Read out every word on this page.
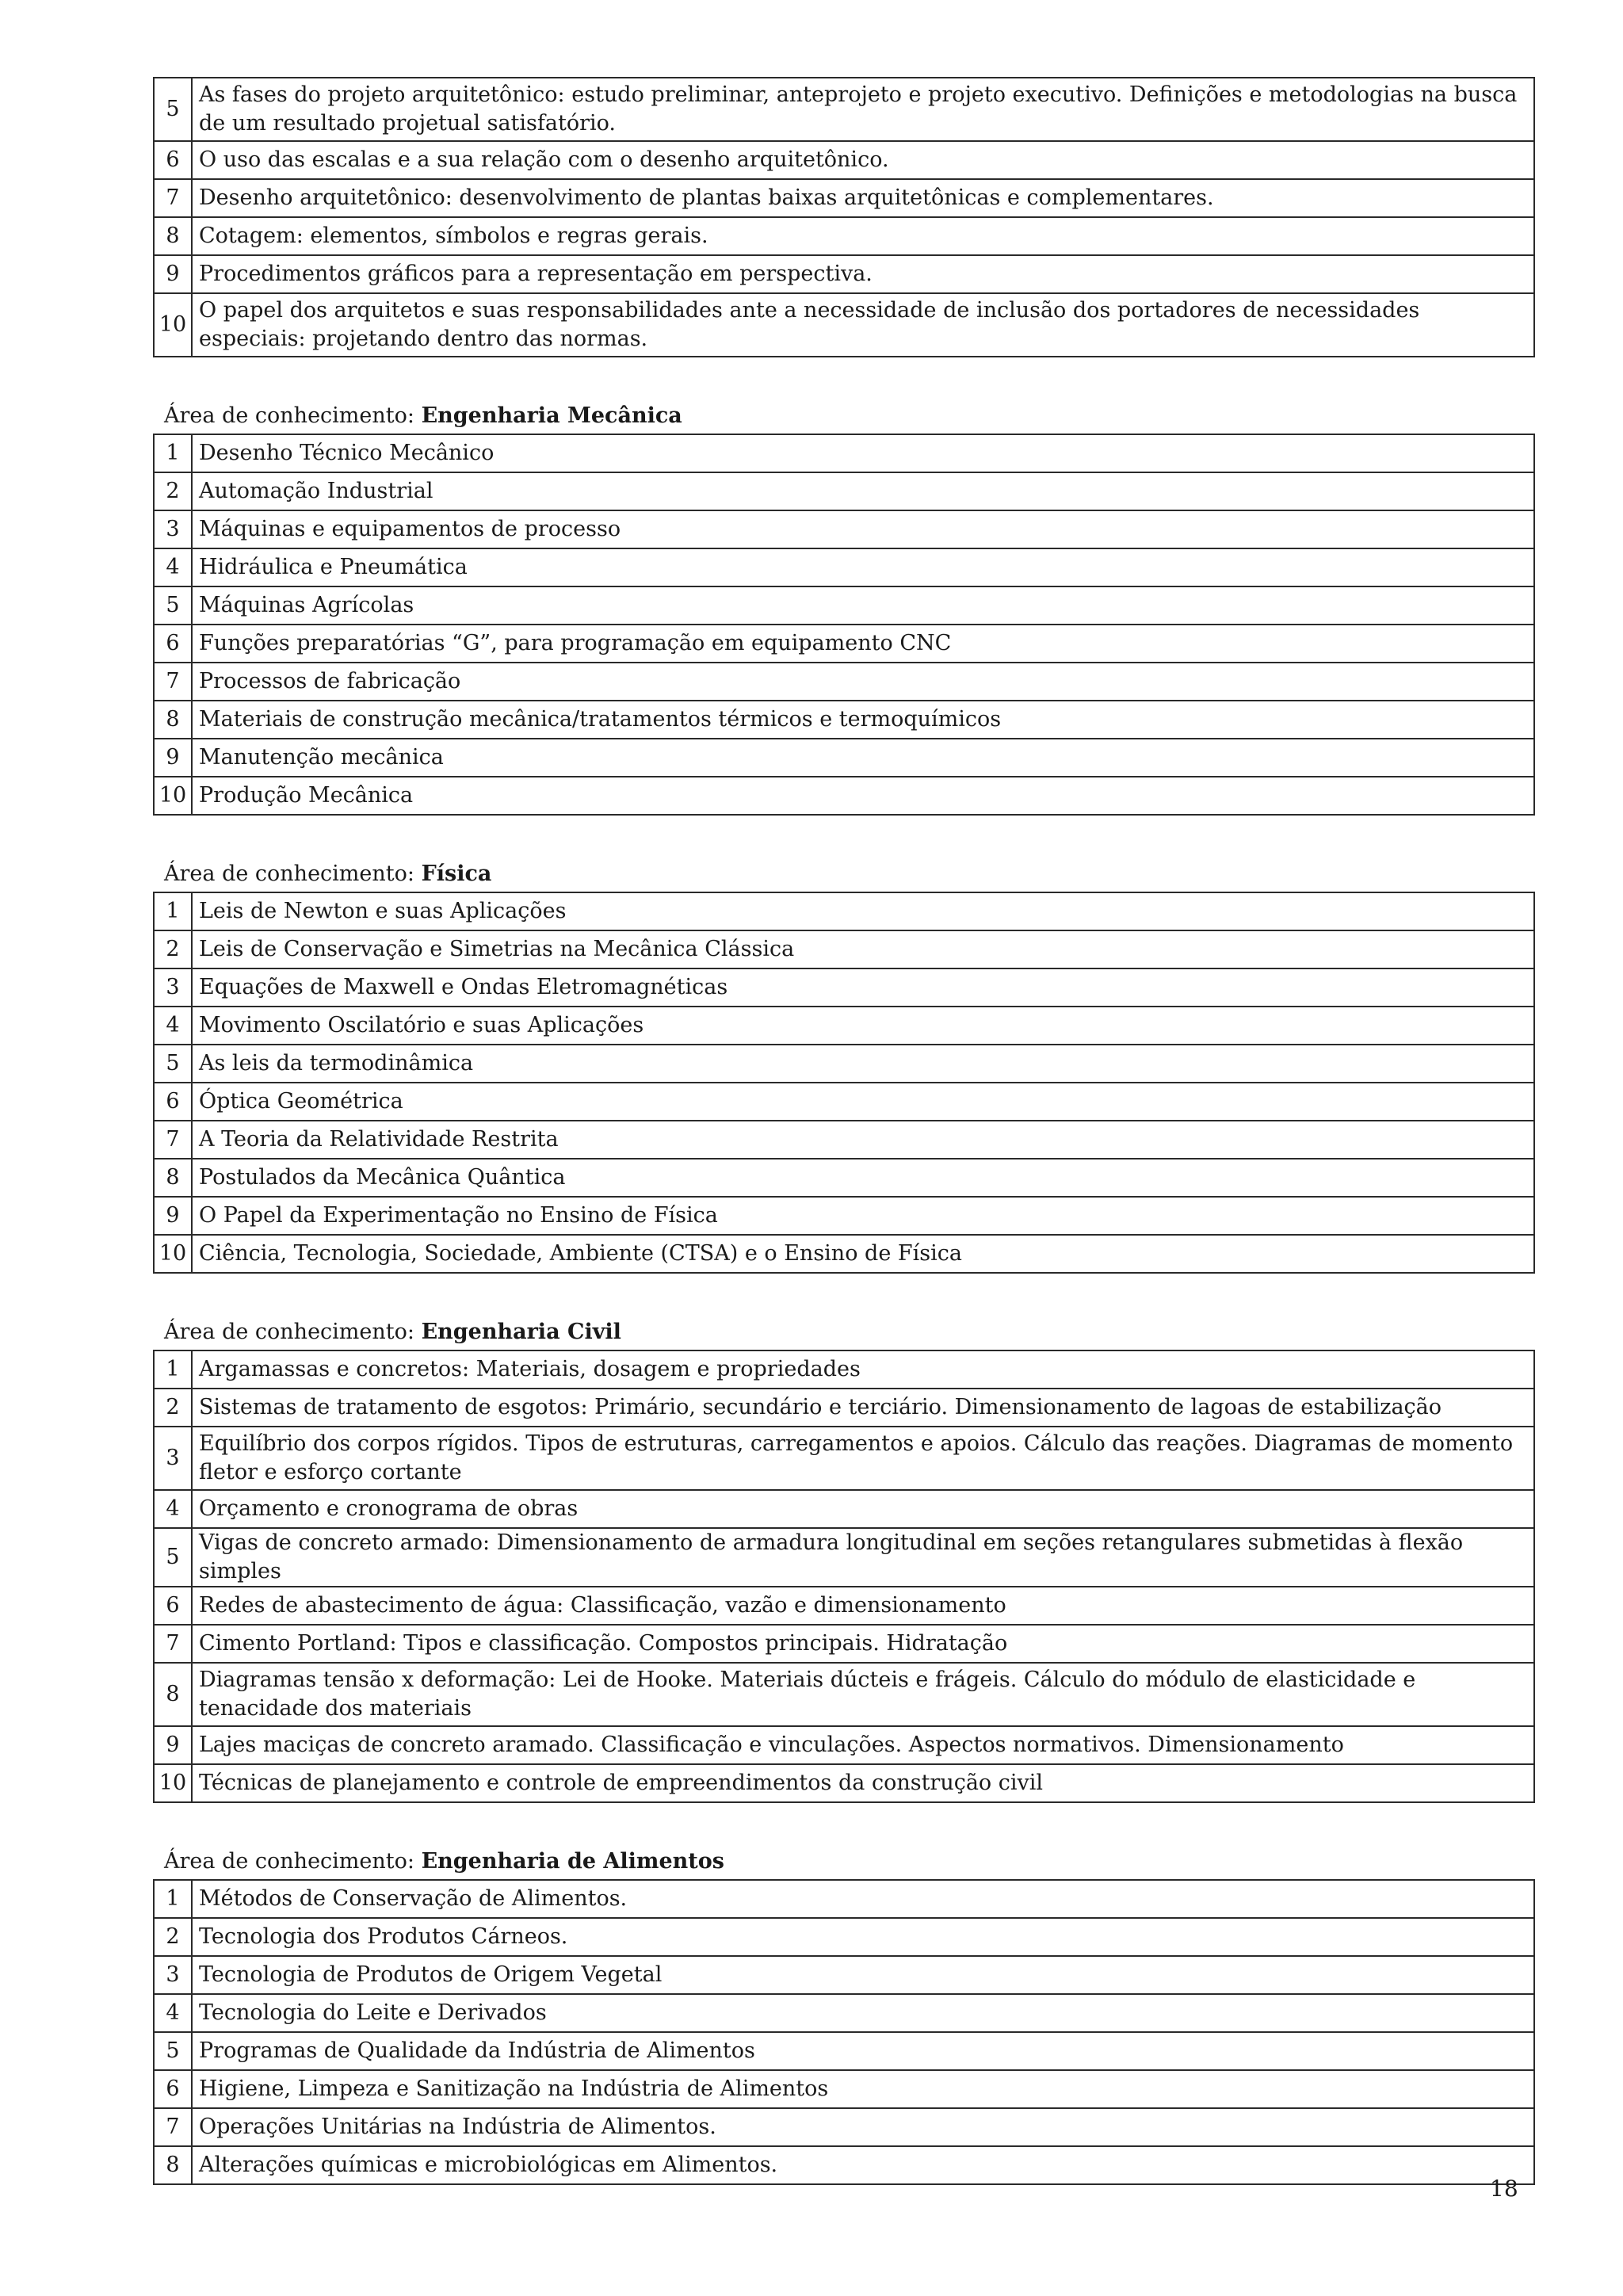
5	As fases do projeto arquitetônico: estudo preliminar, anteprojeto e projeto executivo. Definições e metodologias na busca de um resultado projetual satisfatório.
6	O uso das escalas e a sua relação com o desenho arquitetônico.
7	Desenho arquitetônico: desenvolvimento de plantas baixas arquitetônicas e complementares.
8	Cotagem: elementos, símbolos e regras gerais.
9	Procedimentos gráficos para a representação em perspectiva.
10	O papel dos arquitetos e suas responsabilidades ante a necessidade de inclusão dos portadores de necessidades especiais: projetando dentro das normas.
Área de conhecimento: Engenharia Mecânica
1	Desenho Técnico Mecânico
2	Automação Industrial
3	Máquinas e equipamentos de processo
4	Hidráulica e Pneumática
5	Máquinas Agrícolas
6	Funções preparatórias “G”, para programação em equipamento CNC
7	Processos de fabricação
8	Materiais de construção mecânica/tratamentos térmicos e termoquímicos
9	Manutenção mecânica
10	Produção Mecânica
Área de conhecimento: Física
1	Leis de Newton e suas Aplicações
2	Leis de Conservação e Simetrias na Mecânica Clássica
3	Equações de Maxwell e Ondas Eletromagnéticas
4	Movimento Oscilatório e suas Aplicações
5	As leis da termodinâmica
6	Óptica Geométrica
7	A Teoria da Relatividade Restrita
8	Postulados da Mecânica Quântica
9	O Papel da Experimentação no Ensino de Física
10	Ciência, Tecnologia, Sociedade, Ambiente (CTSA) e o Ensino de Física
Área de conhecimento: Engenharia Civil
1	Argamassas e concretos: Materiais, dosagem e propriedades
2	Sistemas de tratamento de esgotos: Primário, secundário e terciário. Dimensionamento de lagoas de estabilização
3	Equilíbrio dos corpos rígidos. Tipos de estruturas, carregamentos e apoios. Cálculo das reações. Diagramas de momento fletor e esforço cortante
4	Orçamento e cronograma de obras
5	Vigas de concreto armado: Dimensionamento de armadura longitudinal em seções retangulares submetidas à flexão simples
6	Redes de abastecimento de água: Classificação, vazão e dimensionamento
7	Cimento Portland: Tipos e classificação. Compostos principais. Hidratação
8	Diagramas tensão x deformação: Lei de Hooke. Materiais dúcteis e frágeis. Cálculo do módulo de elasticidade e tenacidade dos materiais
9	Lajes maciças de concreto aramado. Classificação e vinculações. Aspectos normativos. Dimensionamento
10	Técnicas de planejamento e controle de empreendimentos da construção civil
Área de conhecimento: Engenharia de Alimentos
1	Métodos de Conservação de Alimentos.
2	Tecnologia dos Produtos Cárneos.
3	Tecnologia de Produtos de Origem Vegetal
4	Tecnologia do Leite e Derivados
5	Programas de Qualidade da Indústria de Alimentos
6	Higiene, Limpeza e Sanitização na Indústria de Alimentos
7	Operações Unitárias na Indústria de Alimentos.
8	Alterações químicas e microbiológicas em Alimentos.
18
